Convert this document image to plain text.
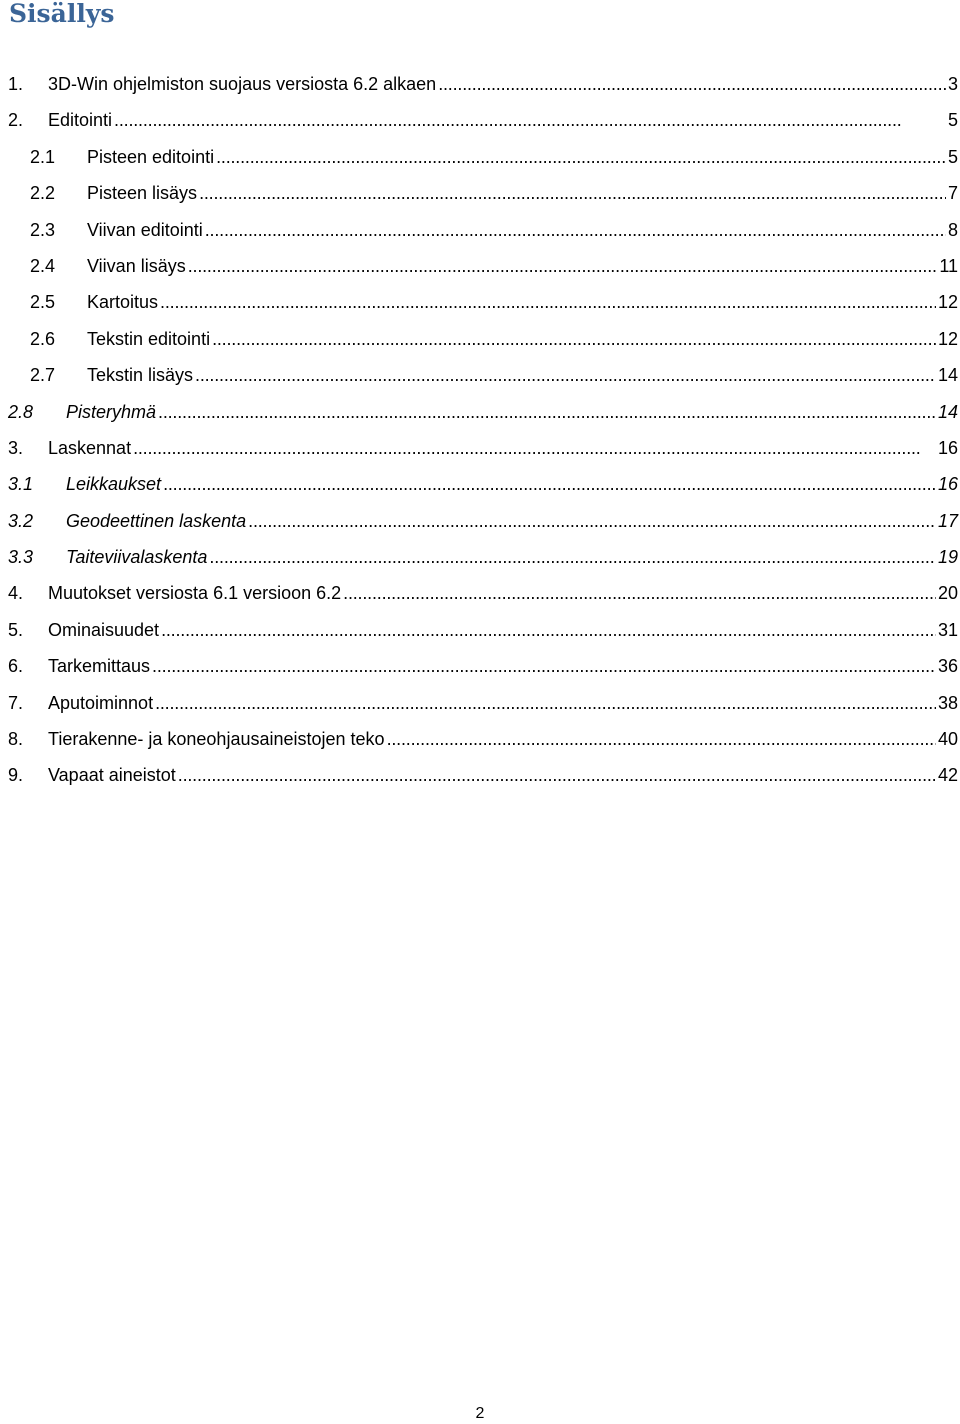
Sisällys
1.	3D-Win ohjelmiston suojaus versiosta 6.2 alkaen . . .	3
2.	Editointi . . .	5
2.1	Pisteen editointi . . .	5
2.2	Pisteen lisäys . . .	7
2.3	Viivan editointi . . .	8
2.4	Viivan lisäys . . .	11
2.5	Kartoitus . . .	12
2.6	Tekstin editointi . . .	12
2.7	Tekstin lisäys . . .	14
2.8	Pisteryhmä . . .	14
3.	Laskennat . . .	16
3.1	Leikkaukset . . .	16
3.2	Geodeettinen laskenta . . .	17
3.3	Taiteviivalaskenta . . .	19
4.	Muutokset versiosta 6.1 versioon 6.2 . . .	20
5.	Ominaisuudet . . .	31
6.	Tarkemittaus . . .	36
7.	Aputoiminnot . . .	38
8.	Tierakenne- ja koneohjausaineistojen teko . . .	40
9.	Vapaat aineistot . . .	42
2
